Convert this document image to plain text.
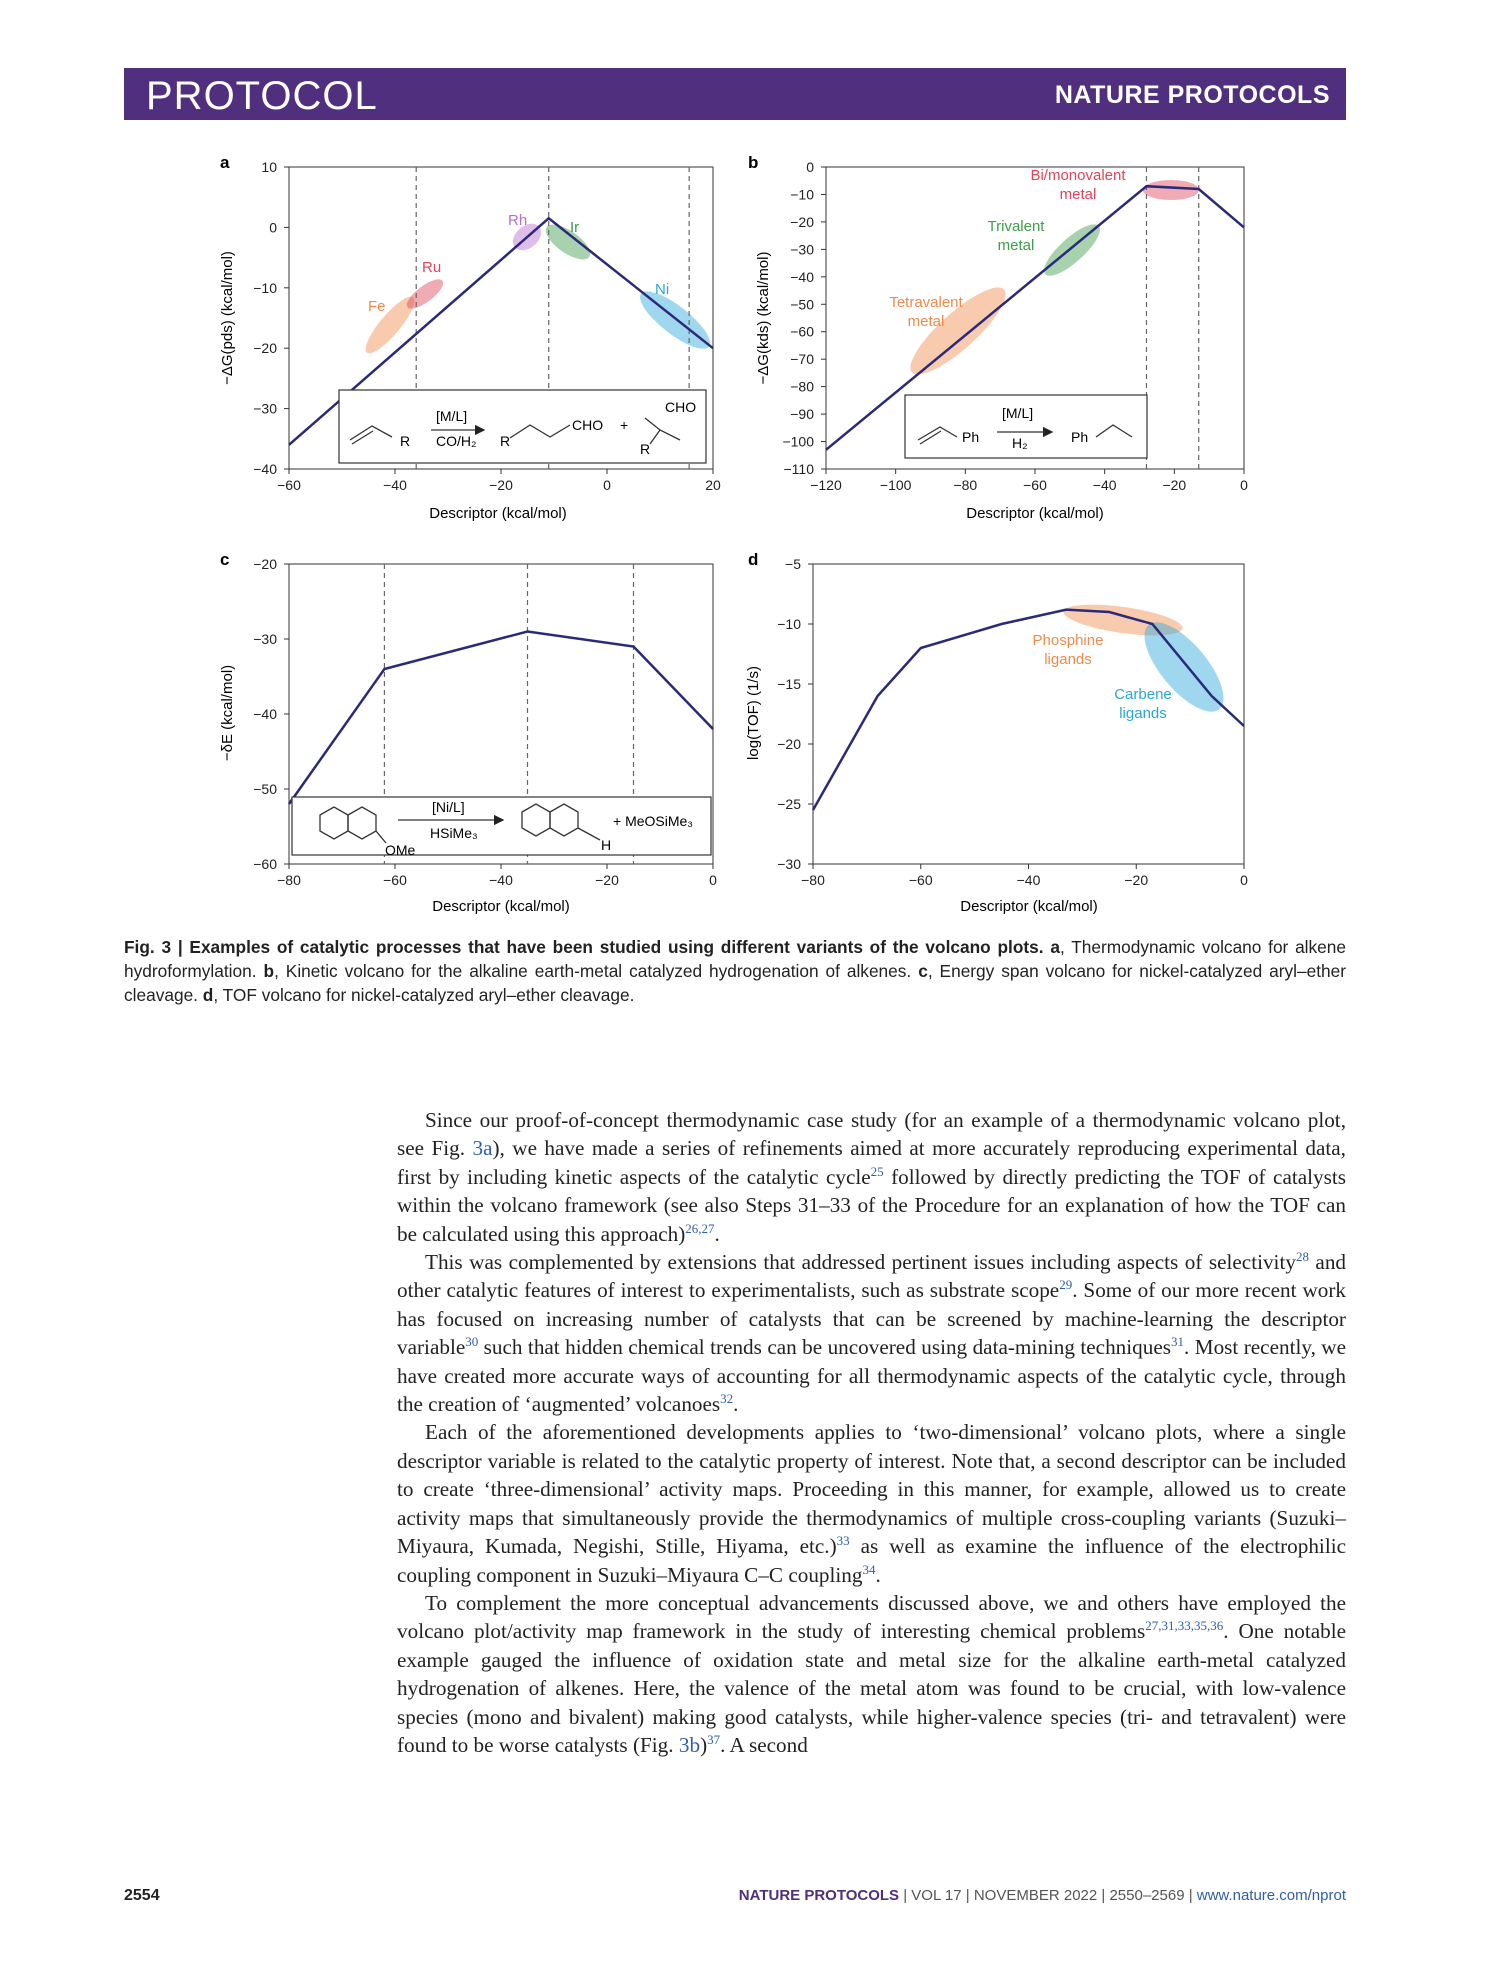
PROTOCOL	NATURE PROTOCOLS
a
−60	−40	−20	0	20
10
0
−10
−20
−30
−40
Fe
Ru
Rh	Ir
Ni
Descriptor (kcal/mol)
−ΔG(pds) (kcal/mol)
R
[M/L]
CO/H₂ R
CHO +
CHO
R
b
−120	−100	−80	−60	−40	−20	0
0
−10
−20
−30
−40
−50
−60
−70
−80
−90
−100
−110
Bi/monovalent metal
Trivalent metal
Tetravalent metal
Descriptor (kcal/mol)
−ΔG(kds) (kcal/mol)
Ph
[M/L]
H₂	Ph
c
−80	−60	−40	−20	0
−20
−30
−40
−50
−60
Descriptor (kcal/mol)
−δE (kcal/mol)
OMe
[Ni/L]
HSiMe₃
H
+ MeOSiMe₃
d
−80	−60	−40	−20	0
−5
−10
−15
−20
−25
−30
Phosphine ligands
Carbene ligands
Descriptor (kcal/mol)
log(TOF) (1/s)
Fig. 3 | Examples of catalytic processes that have been studied using different variants of the volcano plots. a, Thermodynamic volcano for alkene hydroformylation. b, Kinetic volcano for the alkaline earth-metal catalyzed hydrogenation of alkenes. c, Energy span volcano for nickel-catalyzed aryl–ether cleavage. d, TOF volcano for nickel-catalyzed aryl–ether cleavage.

Since our proof-of-concept thermodynamic case study (for an example of a thermodynamic volcano plot, see Fig. 3a), we have made a series of refinements aimed at more accurately reproducing experimental data, first by including kinetic aspects of the catalytic cycle$^{25}$ followed by directly predicting the TOF of catalysts within the volcano framework (see also Steps 31–33 of the Procedure for an explanation of how the TOF can be calculated using this approach)$^{26,27}$.

This was complemented by extensions that addressed pertinent issues including aspects of selectivity$^{28}$ and other catalytic features of interest to experimentalists, such as substrate scope$^{29}$. Some of our more recent work has focused on increasing number of catalysts that can be screened by machine-learning the descriptor variable$^{30}$ such that hidden chemical trends can be uncovered using data-mining techniques$^{31}$. Most recently, we have created more accurate ways of accounting for all thermodynamic aspects of the catalytic cycle, through the creation of ‘augmented’ volcanoes$^{32}$.

Each of the aforementioned developments applies to ‘two-dimensional’ volcano plots, where a single descriptor variable is related to the catalytic property of interest. Note that, a second descriptor can be included to create ‘three-dimensional’ activity maps. Proceeding in this manner, for example, allowed us to create activity maps that simultaneously provide the thermodynamics of multiple cross-coupling variants (Suzuki–Miyaura, Kumada, Negishi, Stille, Hiyama, etc.)$^{33}$ as well as examine the influence of the electrophilic coupling component in Suzuki–Miyaura C–C coupling$^{34}$.

To complement the more conceptual advancements discussed above, we and others have employed the volcano plot/activity map framework in the study of interesting chemical problems$^{27,31,33,35,36}$. One notable example gauged the influence of oxidation state and metal size for the alkaline earth-metal catalyzed hydrogenation of alkenes. Here, the valence of the metal atom was found to be crucial, with low-valence species (mono and bivalent) making good catalysts, while higher-valence species (tri- and tetravalent) were found to be worse catalysts (Fig. 3b)$^{37}$. A second

2554	NATURE PROTOCOLS | VOL 17 | NOVEMBER 2022 | 2550–2569 | www.nature.com/nprot
